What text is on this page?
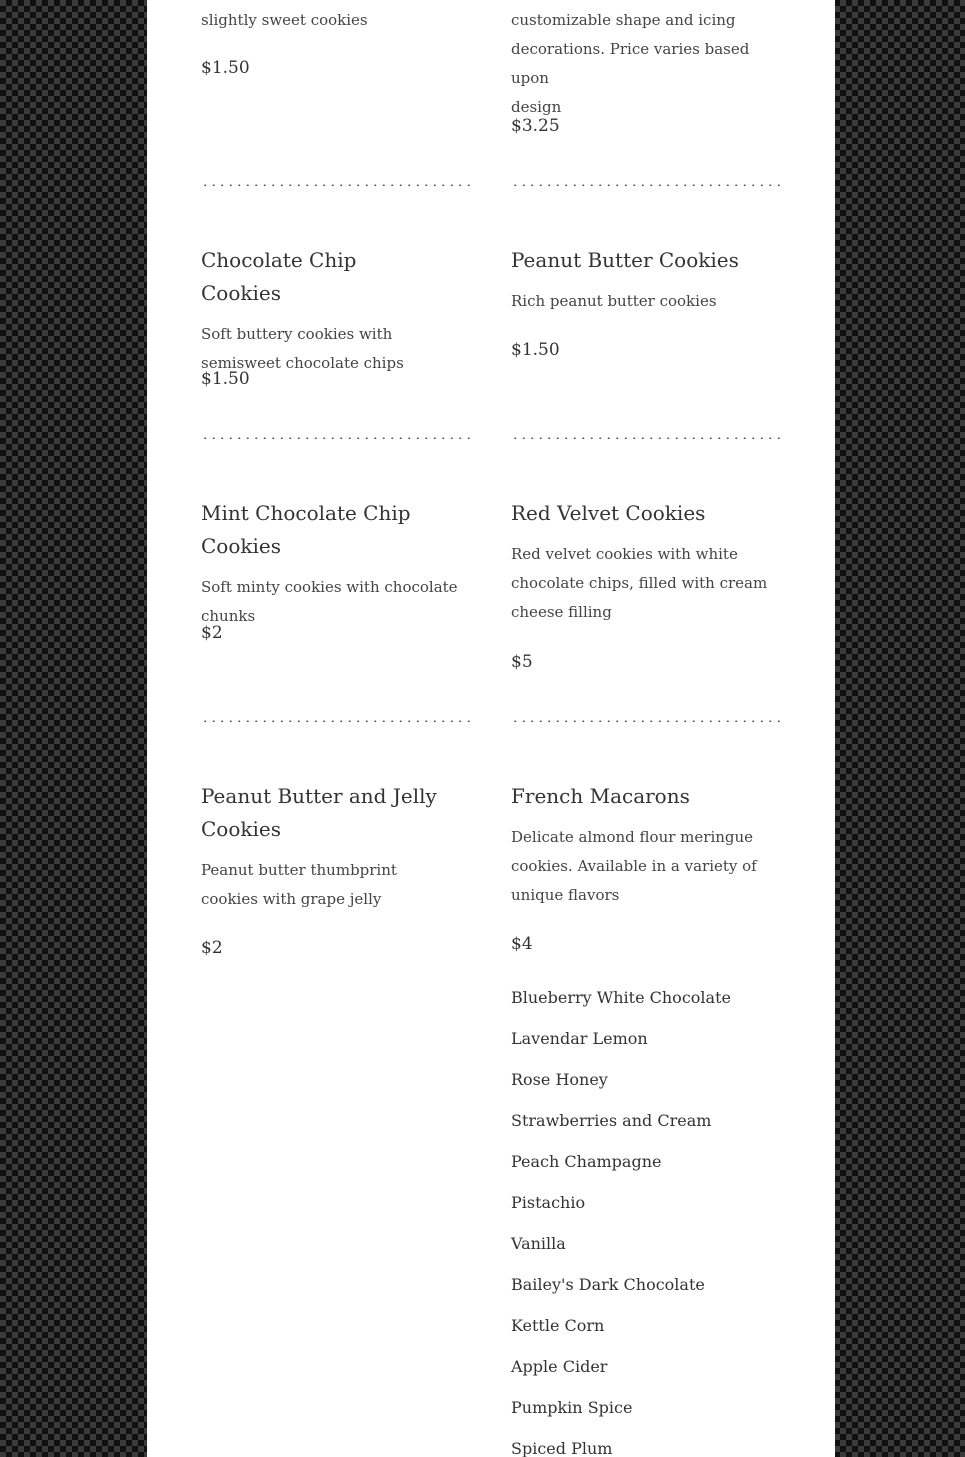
slightly sweet cookies

$1.50

customizable shape and icing

decorations. Price varies based upon

design

$3.25
Chocolate Chip Cookies

Soft buttery cookies with semisweet chocolate chips

$1.50
Peanut Butter Cookies

Rich peanut butter cookies

$1.50
Mint Chocolate Chip Cookies

Soft minty cookies with chocolate chunks

$2
Red Velvet Cookies

Red velvet cookies with white chocolate chips, filled with cream cheese filling

$5
Peanut Butter and Jelly Cookies

Peanut butter thumbprint cookies with grape jelly

$2
French Macarons

Delicate almond flour meringue cookies. Available in a variety of unique flavors

$4
Blueberry White Chocolate
Lavendar Lemon
Rose Honey
Strawberries and Cream
Peach Champagne
Pistachio
Vanilla
Bailey's Dark Chocolate
Kettle Corn
Apple Cider
Pumpkin Spice
Spiced Plum
